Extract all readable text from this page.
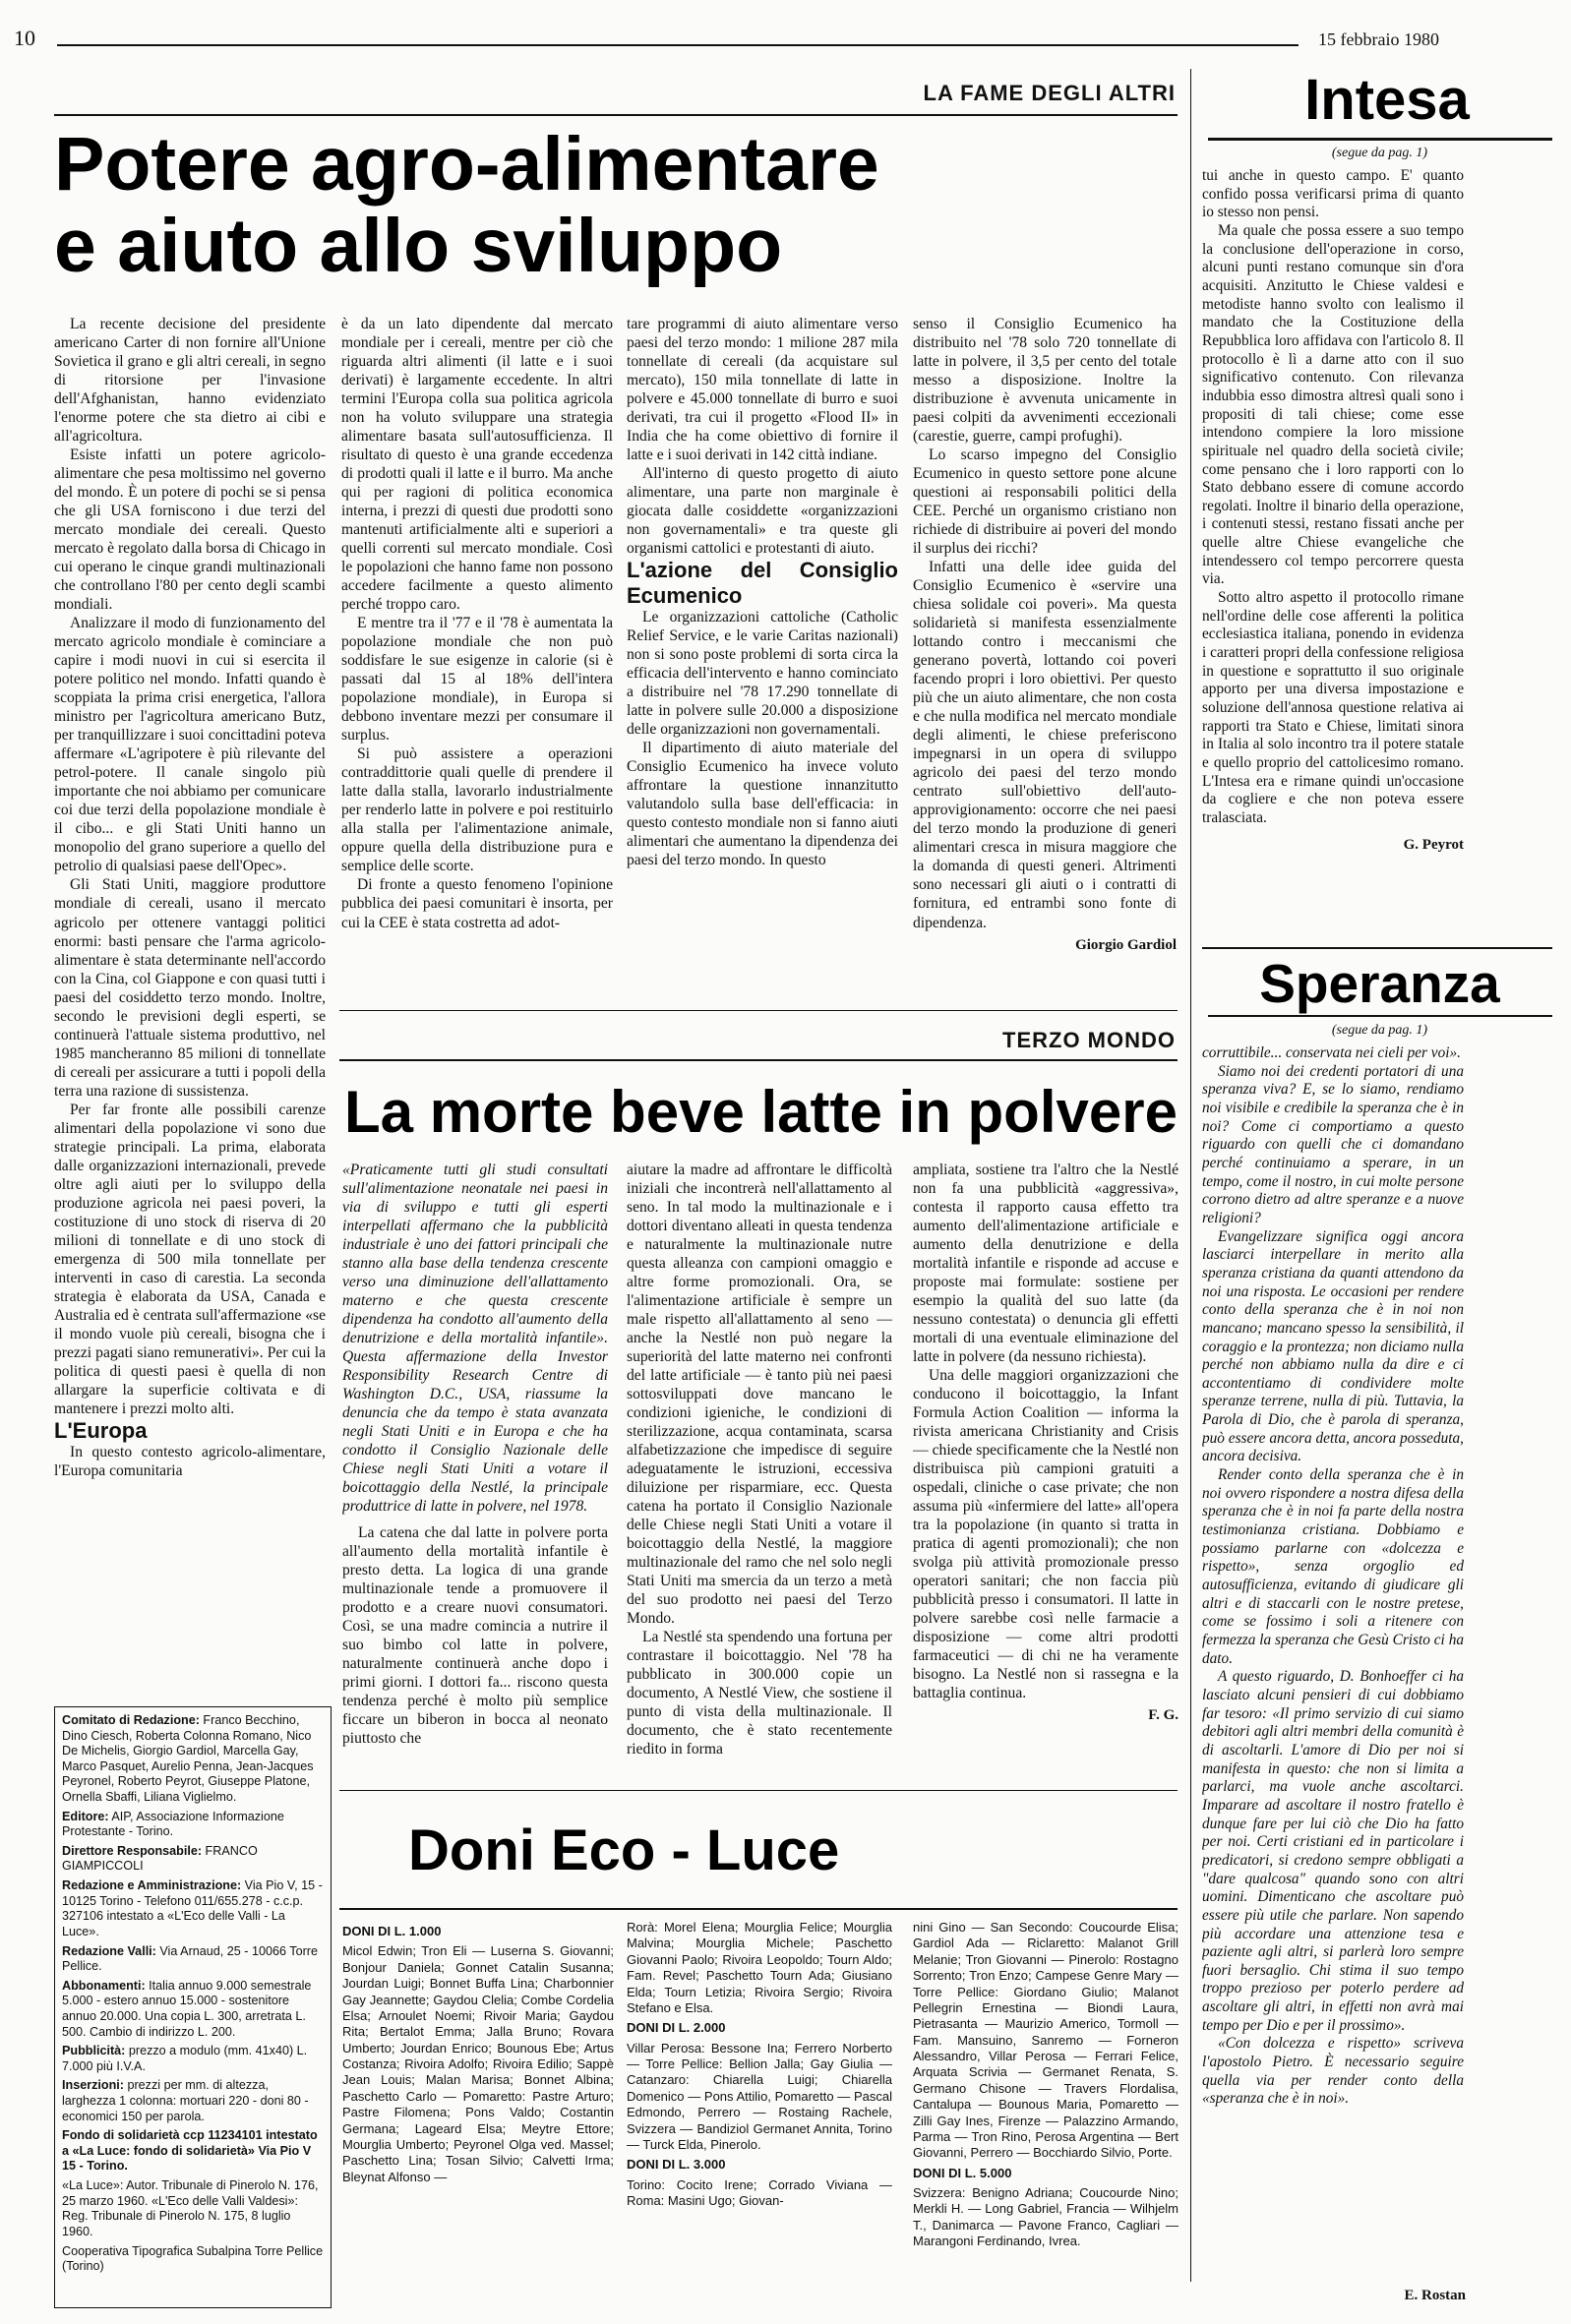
10	15 febbraio 1980
LA FAME DEGLI ALTRI
Potere agro-alimentare
e aiuto allo sviluppo

La recente decisione del presidente americano Carter di non fornire all'Unione Sovietica il grano e gli altri cereali, in segno di ritorsione per l'invasione dell'Afghanistan, hanno evidenziato l'enorme potere che sta dietro ai cibi e all'agricoltura.

Esiste infatti un potere agricolo-alimentare che pesa moltissimo nel governo del mondo. È un potere di pochi se si pensa che gli USA forniscono i due terzi del mercato mondiale dei cereali. Questo mercato è regolato dalla borsa di Chicago in cui operano le cinque grandi multinazionali che controllano l'80 per cento degli scambi mondiali.

Analizzare il modo di funzionamento del mercato agricolo mondiale è cominciare a capire i modi nuovi in cui si esercita il potere politico nel mondo. Infatti quando è scoppiata la prima crisi energetica, l'allora ministro per l'agricoltura americano Butz, per tranquillizzare i suoi concittadini poteva affermare «L'agripotere è più rilevante del petrol-potere. Il canale singolo più importante che noi abbiamo per comunicare coi due terzi della popolazione mondiale è il cibo... e gli Stati Uniti hanno un monopolio del grano superiore a quello del petrolio di qualsiasi paese dell'Opec».

Gli Stati Uniti, maggiore produttore mondiale di cereali, usano il mercato agricolo per ottenere vantaggi politici enormi: basti pensare che l'arma agricolo-alimentare è stata determinante nell'accordo con la Cina, col Giappone e con quasi tutti i paesi del cosiddetto terzo mondo. Inoltre, secondo le previsioni degli esperti, se continuerà l'attuale sistema produttivo, nel 1985 mancheranno 85 milioni di tonnellate di cereali per assicurare a tutti i popoli della terra una razione di sussistenza.

Per far fronte alle possibili carenze alimentari della popolazione vi sono due strategie principali. La prima, elaborata dalle organizzazioni internazionali, prevede oltre agli aiuti per lo sviluppo della produzione agricola nei paesi poveri, la costituzione di uno stock di riserva di 20 milioni di tonnellate e di uno stock di emergenza di 500 mila tonnellate per interventi in caso di carestia. La seconda strategia è elaborata da USA, Canada e Australia ed è centrata sull'affermazione «se il mondo vuole più cereali, bisogna che i prezzi pagati siano remunerativi». Per cui la politica di questi paesi è quella di non allargare la superficie coltivata e di mantenere i prezzi molto alti.

L'Europa

In questo contesto agricolo-alimentare, l'Europa comunitaria

è da un lato dipendente dal mercato mondiale per i cereali, mentre per ciò che riguarda altri alimenti (il latte e i suoi derivati) è largamente eccedente. In altri termini l'Europa colla sua politica agricola non ha voluto sviluppare una strategia alimentare basata sull'autosufficienza. Il risultato di questo è una grande eccedenza di prodotti quali il latte e il burro. Ma anche qui per ragioni di politica economica interna, i prezzi di questi due prodotti sono mantenuti artificialmente alti e superiori a quelli correnti sul mercato mondiale. Così le popolazioni che hanno fame non possono accedere facilmente a questo alimento perché troppo caro.

E mentre tra il '77 e il '78 è aumentata la popolazione mondiale che non può soddisfare le sue esigenze in calorie (si è passati dal 15 al 18% dell'intera popolazione mondiale), in Europa si debbono inventare mezzi per consumare il surplus.

Si può assistere a operazioni contraddittorie quali quelle di prendere il latte dalla stalla, lavorarlo industrialmente per renderlo latte in polvere e poi restituirlo alla stalla per l'alimentazione animale, oppure quella della distribuzione pura e semplice delle scorte.

Di fronte a questo fenomeno l'opinione pubblica dei paesi comunitari è insorta, per cui la CEE è stata costretta ad adot-

tare programmi di aiuto alimentare verso paesi del terzo mondo: 1 milione 287 mila tonnellate di cereali (da acquistare sul mercato), 150 mila tonnellate di latte in polvere e 45.000 tonnellate di burro e suoi derivati, tra cui il progetto «Flood II» in India che ha come obiettivo di fornire il latte e i suoi derivati in 142 città indiane.

All'interno di questo progetto di aiuto alimentare, una parte non marginale è giocata dalle cosiddette «organizzazioni non governamentali» e tra queste gli organismi cattolici e protestanti di aiuto.

L'azione del Consiglio Ecumenico

Le organizzazioni cattoliche (Catholic Relief Service, e le varie Caritas nazionali) non si sono poste problemi di sorta circa la efficacia dell'intervento e hanno cominciato a distribuire nel '78 17.290 tonnellate di latte in polvere sulle 20.000 a disposizione delle organizzazioni non governamentali.

Il dipartimento di aiuto materiale del Consiglio Ecumenico ha invece voluto affrontare la questione innanzitutto valutandolo sulla base dell'efficacia: in questo contesto mondiale non si fanno aiuti alimentari che aumentano la dipendenza dei paesi del terzo mondo. In questo

senso il Consiglio Ecumenico ha distribuito nel '78 solo 720 tonnellate di latte in polvere, il 3,5 per cento del totale messo a disposizione. Inoltre la distribuzione è avvenuta unicamente in paesi colpiti da avvenimenti eccezionali (carestie, guerre, campi profughi).

Lo scarso impegno del Consiglio Ecumenico in questo settore pone alcune questioni ai responsabili politici della CEE. Perché un organismo cristiano non richiede di distribuire ai poveri del mondo il surplus dei ricchi?

Infatti una delle idee guida del Consiglio Ecumenico è «servire una chiesa solidale coi poveri». Ma questa solidarietà si manifesta essenzialmente lottando contro i meccanismi che generano povertà, lottando coi poveri facendo propri i loro obiettivi. Per questo più che un aiuto alimentare, che non costa e che nulla modifica nel mercato mondiale degli alimenti, le chiese preferiscono impegnarsi in un opera di sviluppo agricolo dei paesi del terzo mondo centrato sull'obiettivo dell'auto-approvigionamento: occorre che nei paesi del terzo mondo la produzione di generi alimentari cresca in misura maggiore che la domanda di questi generi. Altrimenti sono necessari gli aiuti o i contratti di fornitura, ed entrambi sono fonte di dipendenza.

Giorgio Gardiol
TERZO MONDO
La morte beve latte in polvere

«Praticamente tutti gli studi consultati sull'alimentazione neonatale nei paesi in via di sviluppo e tutti gli esperti interpellati affermano che la pubblicità industriale è uno dei fattori principali che stanno alla base della tendenza crescente verso una diminuzione dell'allattamento materno e che questa crescente dipendenza ha condotto all'aumento della denutrizione e della mortalità infantile». Questa affermazione della Investor Responsibility Research Centre di Washington D.C., USA, riassume la denuncia che da tempo è stata avanzata negli Stati Uniti e in Europa e che ha condotto il Consiglio Nazionale delle Chiese negli Stati Uniti a votare il boicottaggio della Nestlé, la principale produttrice di latte in polvere, nel 1978.

La catena che dal latte in polvere porta all'aumento della mortalità infantile è presto detta. La logica di una grande multinazionale tende a promuovere il prodotto e a creare nuovi consumatori. Così, se una madre comincia a nutrire il suo bimbo col latte in polvere, naturalmente continuerà anche dopo i primi giorni. I dottori fa... riscono questa tendenza perché è molto più semplice ficcare un biberon in bocca al neonato piuttosto che

aiutare la madre ad affrontare le difficoltà iniziali che incontrerà nell'allattamento al seno. In tal modo la multinazionale e i dottori diventano alleati in questa tendenza e naturalmente la multinazionale nutre questa alleanza con campioni omaggio e altre forme promozionali. Ora, se l'alimentazione artificiale è sempre un male rispetto all'allattamento al seno — anche la Nestlé non può negare la superiorità del latte materno nei confronti del latte artificiale — è tanto più nei paesi sottosviluppati dove mancano le condizioni igieniche, le condizioni di sterilizzazione, acqua contaminata, scarsa alfabetizzazione che impedisce di seguire adeguatamente le istruzioni, eccessiva diluizione per risparmiare, ecc. Questa catena ha portato il Consiglio Nazionale delle Chiese negli Stati Uniti a votare il boicottaggio della Nestlé, la maggiore multinazionale del ramo che nel solo negli Stati Uniti ma smercia da un terzo a metà del suo prodotto nei paesi del Terzo Mondo.

La Nestlé sta spendendo una fortuna per contrastare il boicottaggio. Nel '78 ha pubblicato in 300.000 copie un documento, A Nestlé View, che sostiene il punto di vista della multinazionale. Il documento, che è stato recentemente riedito in forma

ampliata, sostiene tra l'altro che la Nestlé non fa una pubblicità «aggressiva», contesta il rapporto causa effetto tra aumento dell'alimentazione artificiale e aumento della denutrizione e della mortalità infantile e risponde ad accuse e proposte mai formulate: sostiene per esempio la qualità del suo latte (da nessuno contestata) o denuncia gli effetti mortali di una eventuale eliminazione del latte in polvere (da nessuno richiesta).

Una delle maggiori organizzazioni che conducono il boicottaggio, la Infant Formula Action Coalition — informa la rivista americana Christianity and Crisis — chiede specificamente che la Nestlé non distribuisca più campioni gratuiti a ospedali, cliniche o case private; che non assuma più «infermiere del latte» all'opera tra la popolazione (in quanto si tratta in pratica di agenti promozionali); che non svolga più attività promozionale presso operatori sanitari; che non faccia più pubblicità presso i consumatori. Il latte in polvere sarebbe così nelle farmacie a disposizione — come altri prodotti farmaceutici — di chi ne ha veramente bisogno. La Nestlé non si rassegna e la battaglia continua.

F. G.
Intesa
(segue da pag. 1)

tui anche in questo campo. E' quanto confido possa verificarsi prima di quanto io stesso non pensi.

Ma quale che possa essere a suo tempo la conclusione dell'operazione in corso, alcuni punti restano comunque sin d'ora acquisiti. Anzitutto le Chiese valdesi e metodiste hanno svolto con lealismo il mandato che la Costituzione della Repubblica loro affidava con l'articolo 8. Il protocollo è lì a darne atto con il suo significativo contenuto. Con rilevanza indubbia esso dimostra altresì quali sono i propositi di tali chiese; come esse intendono compiere la loro missione spirituale nel quadro della società civile; come pensano che i loro rapporti con lo Stato debbano essere di comune accordo regolati. Inoltre il binario della operazione, i contenuti stessi, restano fissati anche per quelle altre Chiese evangeliche che intendessero col tempo percorrere questa via.

Sotto altro aspetto il protocollo rimane nell'ordine delle cose afferenti la politica ecclesiastica italiana, ponendo in evidenza i caratteri propri della confessione religiosa in questione e soprattutto il suo originale apporto per una diversa impostazione e soluzione dell'annosa questione relativa ai rapporti tra Stato e Chiese, limitati sinora in Italia al solo incontro tra il potere statale e quello proprio del cattolicesimo romano. L'Intesa era e rimane quindi un'occasione da cogliere e che non poteva essere tralasciata.

G. Peyrot
Speranza
(segue da pag. 1)

corruttibile... conservata nei cieli per voi».

Siamo noi dei credenti portatori di una speranza viva? E, se lo siamo, rendiamo noi visibile e credibile la speranza che è in noi? Come ci comportiamo a questo riguardo con quelli che ci domandano perché continuiamo a sperare, in un tempo, come il nostro, in cui molte persone corrono dietro ad altre speranze e a nuove religioni?

Evangelizzare significa oggi ancora lasciarci interpellare in merito alla speranza cristiana da quanti attendono da noi una risposta. Le occasioni per rendere conto della speranza che è in noi non mancano; mancano spesso la sensibilità, il coraggio e la prontezza; non diciamo nulla perché non abbiamo nulla da dire e ci accontentiamo di condividere molte speranze terrene, nulla di più. Tuttavia, la Parola di Dio, che è parola di speranza, può essere ancora detta, ancora posseduta, ancora decisiva.

Render conto della speranza che è in noi ovvero rispondere a nostra difesa della speranza che è in noi fa parte della nostra testimonianza cristiana. Dobbiamo e possiamo parlarne con «dolcezza e rispetto», senza orgoglio ed autosufficienza, evitando di giudicare gli altri e di staccarli con le nostre pretese, come se fossimo i soli a ritenere con fermezza la speranza che Gesù Cristo ci ha dato.

A questo riguardo, D. Bonhoeffer ci ha lasciato alcuni pensieri di cui dobbiamo far tesoro: «Il primo servizio di cui siamo debitori agli altri membri della comunità è di ascoltarli. L'amore di Dio per noi si manifesta in questo: che non si limita a parlarci, ma vuole anche ascoltarci. Imparare ad ascoltare il nostro fratello è dunque fare per lui ciò che Dio ha fatto per noi. Certi cristiani ed in particolare i predicatori, si credono sempre obbligati a "dare qualcosa" quando sono con altri uomini. Dimenticano che ascoltare può essere più utile che parlare. Non sapendo più accordare una attenzione tesa e paziente agli altri, si parlerà loro sempre fuori bersaglio. Chi stima il suo tempo troppo prezioso per poterlo perdere ad ascoltare gli altri, in effetti non avrà mai tempo per Dio e per il prossimo».

«Con dolcezza e rispetto» scriveva l'apostolo Pietro. È necessario seguire quella via per render conto della «speranza che è in noi».

E. Rostan

Comitato di Redazione: Franco Becchino, Dino Ciesch, Roberta Colonna Romano, Nico De Michelis, Giorgio Gardiol, Marcella Gay, Marco Pasquet, Aurelio Penna, Jean-Jacques Peyronel, Roberto Peyrot, Giuseppe Platone, Ornella Sbaffi, Liliana Viglielmo.

Editore: AIP, Associazione Informazione Protestante - Torino.

Direttore Responsabile: FRANCO GIAMPICCOLI

Redazione e Amministrazione: Via Pio V, 15 - 10125 Torino - Telefono 011/655.278 - c.c.p. 327106 intestato a «L'Eco delle Valli - La Luce».

Redazione Valli: Via Arnaud, 25 - 10066 Torre Pellice.

Abbonamenti: Italia annuo 9.000 semestrale 5.000 - estero annuo 15.000 - sostenitore annuo 20.000. Una copia L. 300, arretrata L. 500. Cambio di indirizzo L. 200.

Pubblicità: prezzo a modulo (mm. 41x40) L. 7.000 più I.V.A.

Inserzioni: prezzi per mm. di altezza, larghezza 1 colonna: mortuari 220 - doni 80 - economici 150 per parola.

Fondo di solidarietà ccp 11234101 intestato a «La Luce: fondo di solidarietà» Via Pio V 15 - Torino.

«La Luce»: Autor. Tribunale di Pinerolo N. 176, 25 marzo 1960. «L'Eco delle Valli Valdesi»: Reg. Tribunale di Pinerolo N. 175, 8 luglio 1960.

Cooperativa Tipografica Subalpina Torre Pellice (Torino)

Doni Eco - Luce
DONI DI L. 1.000

Micol Edwin; Tron Eli — Luserna S. Giovanni; Bonjour Daniela; Gonnet Catalin Susanna; Jourdan Luigi; Bonnet Buffa Lina; Charbonnier Gay Jeannette; Gaydou Clelia; Combe Cordelia Elsa; Arnoulet Noemi; Rivoir Maria; Gaydou Rita; Bertalot Emma; Jalla Bruno; Rovara Umberto; Jourdan Enrico; Bounous Ebe; Artus Costanza; Rivoira Adolfo; Rivoira Edilio; Sappè Jean Louis; Malan Marisa; Bonnet Albina; Paschetto Carlo — Pomaretto: Pastre Arturo; Pastre Filomena; Pons Valdo; Costantin Germana; Lageard Elsa; Meytre Ettore; Mourglia Umberto; Peyronel Olga ved. Massel; Paschetto Lina; Tosan Silvio; Calvetti Irma; Bleynat Alfonso —

Rorà: Morel Elena; Mourglia Felice; Mourglia Malvina; Mourglia Michele; Paschetto Giovanni Paolo; Rivoira Leopoldo; Tourn Aldo; Fam. Revel; Paschetto Tourn Ada; Giusiano Elda; Tourn Letizia; Rivoira Sergio; Rivoira Stefano e Elsa.

DONI DI L. 2.000

Villar Perosa: Bessone Ina; Ferrero Norberto — Torre Pellice: Bellion Jalla; Gay Giulia — Catanzaro: Chiarella Luigi; Chiarella Domenico — Pons Attilio, Pomaretto — Pascal Edmondo, Perrero — Rostaing Rachele, Svizzera — Bandiziol Germanet Annita, Torino — Turck Elda, Pinerolo.

DONI DI L. 3.000

Torino: Cocito Irene; Corrado Viviana — Roma: Masini Ugo; Giovan-

nini Gino — San Secondo: Coucourde Elisa; Gardiol Ada — Riclaretto: Malanot Grill Melanie; Tron Giovanni — Pinerolo: Rostagno Sorrento; Tron Enzo; Campese Genre Mary — Torre Pellice: Giordano Giulio; Malanot Pellegrin Ernestina — Biondi Laura, Pietrasanta — Maurizio Americo, Tormoll — Fam. Mansuino, Sanremo — Forneron Alessandro, Villar Perosa — Ferrari Felice, Arquata Scrivia — Germanet Renata, S. Germano Chisone — Travers Flordalisa, Cantalupa — Bounous Maria, Pomaretto — Zilli Gay Ines, Firenze — Palazzino Armando, Parma — Tron Rino, Perosa Argentina — Bert Giovanni, Perrero — Bocchiardo Silvio, Porte.

DONI DI L. 5.000

Svizzera: Benigno Adriana; Coucourde Nino; Merkli H. — Long Gabriel, Francia — Wilhjelm T., Danimarca — Pavone Franco, Cagliari — Marangoni Ferdinando, Ivrea.
